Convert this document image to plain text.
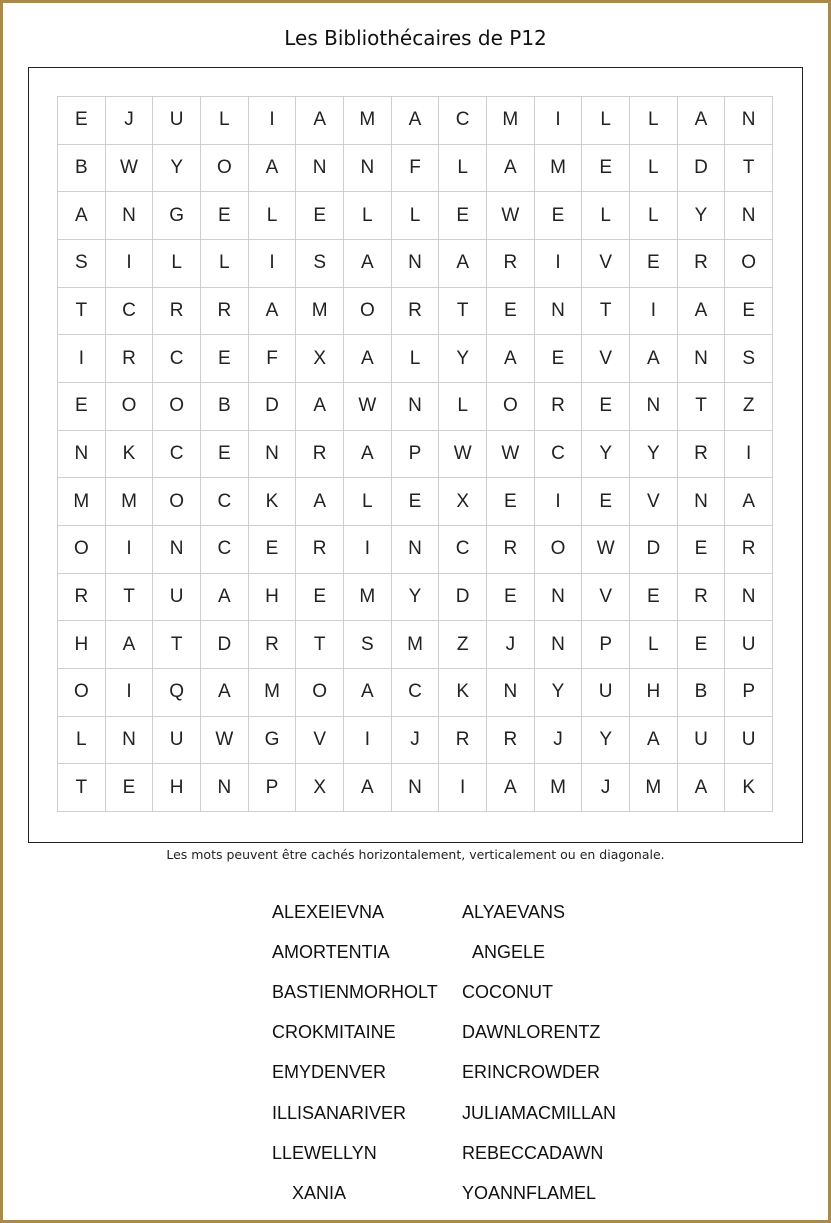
Les Bibliothécaires de P12
E	J	U	L	I	A	M	A	C	M	I	L	L	A	N
B	W	Y	O	A	N	N	F	L	A	M	E	L	D	T
A	N	G	E	L	E	L	L	E	W	E	L	L	Y	N
S	I	L	L	I	S	A	N	A	R	I	V	E	R	O
T	C	R	R	A	M	O	R	T	E	N	T	I	A	E
I	R	C	E	F	X	A	L	Y	A	E	V	A	N	S
E	O	O	B	D	A	W	N	L	O	R	E	N	T	Z
N	K	C	E	N	R	A	P	W	W	C	Y	Y	R	I
M	M	O	C	K	A	L	E	X	E	I	E	V	N	A
O	I	N	C	E	R	I	N	C	R	O	W	D	E	R
R	T	U	A	H	E	M	Y	D	E	N	V	E	R	N
H	A	T	D	R	T	S	M	Z	J	N	P	L	E	U
O	I	Q	A	M	O	A	C	K	N	Y	U	H	B	P
L	N	U	W	G	V	I	J	R	R	J	Y	A	U	U
T	E	H	N	P	X	A	N	I	A	M	J	M	A	K
Les mots peuvent être cachés horizontalement, verticalement ou en diagonale.
ALEXEIEVNA	ALYAEVANS
AMORTENTIA	ANGELE
BASTIENMORHOLT COCONUT
CROKMITAINE	DAWNLORENTZ
EMYDENVER	ERINCROWDER
ILLISANARIVER	JULIAMACMILLAN
LLEWELLYN	REBECCADAWN
XANIA	YOANNFLAMEL
